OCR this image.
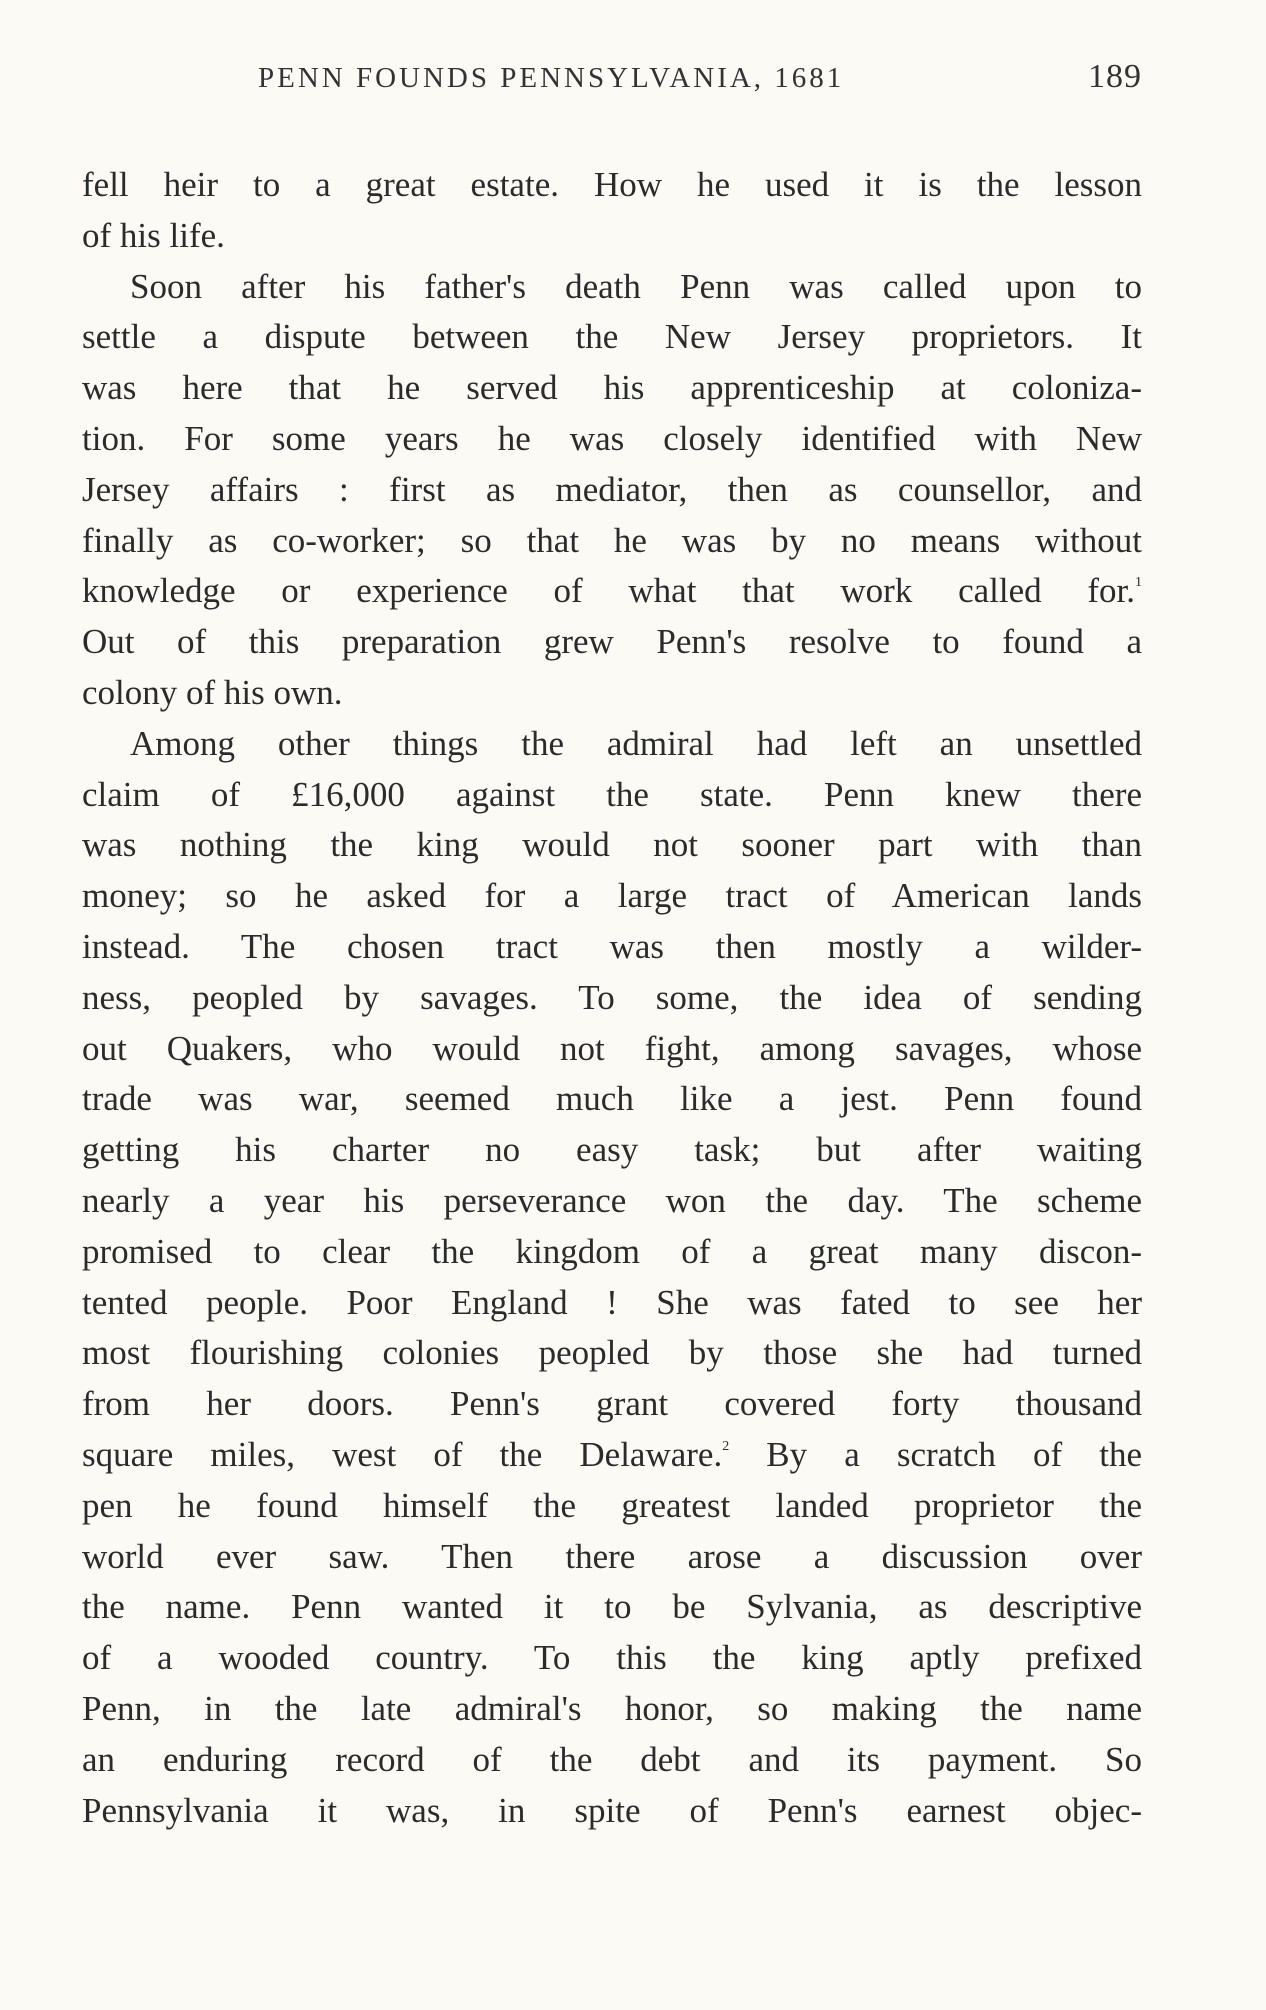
PENN FOUNDS PENNSYLVANIA, 1681	189
fell heir to a great estate. How he used it is the lesson
of his life.
Soon after his father's death Penn was called upon to
settle a dispute between the New Jersey proprietors. It
was here that he served his apprenticeship at coloniza-
tion. For some years he was closely identified with New
Jersey affairs : first as mediator, then as counsellor, and
finally as co-worker; so that he was by no means without
knowledge or experience of what that work called for.$^1$
Out of this preparation grew Penn's resolve to found a
colony of his own.
Among other things the admiral had left an unsettled
claim of £16,000 against the state. Penn knew there
was nothing the king would not sooner part with than
money; so he asked for a large tract of American lands
instead. The chosen tract was then mostly a wilder-
ness, peopled by savages. To some, the idea of sending
out Quakers, who would not fight, among savages, whose
trade was war, seemed much like a jest. Penn found
getting his charter no easy task; but after waiting
nearly a year his perseverance won the day. The scheme
promised to clear the kingdom of a great many discon-
tented people. Poor England ! She was fated to see her
most flourishing colonies peopled by those she had turned
from her doors. Penn's grant covered forty thousand
square miles, west of the Delaware.$^2$ By a scratch of the
pen he found himself the greatest landed proprietor the
world ever saw. Then there arose a discussion over
the name. Penn wanted it to be Sylvania, as descriptive
of a wooded country. To this the king aptly prefixed
Penn, in the late admiral's honor, so making the name
an enduring record of the debt and its payment. So
Pennsylvania it was, in spite of Penn's earnest objec-
